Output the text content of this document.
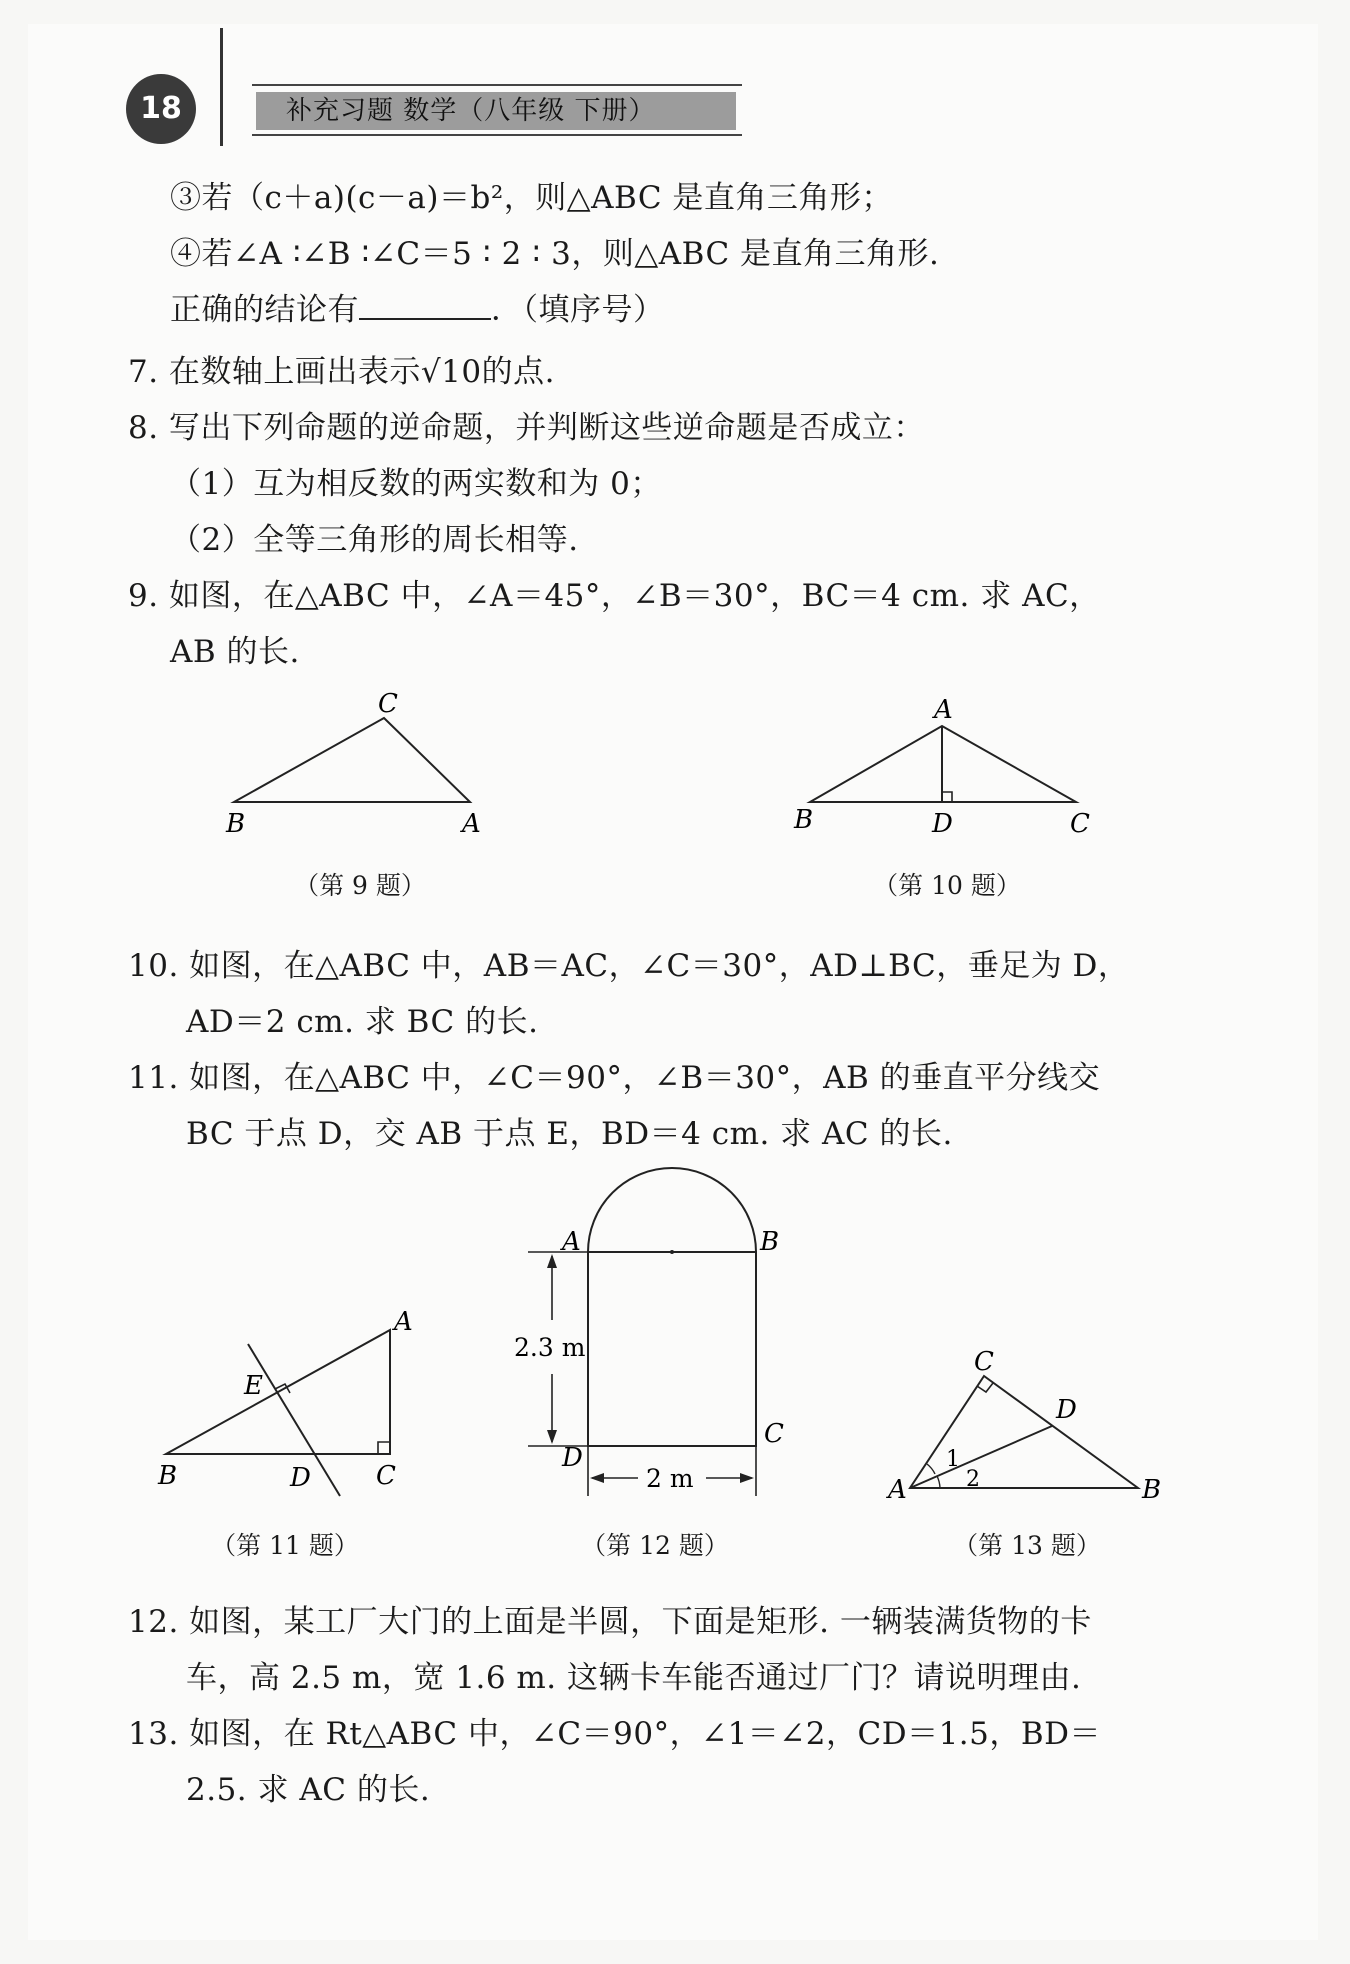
18	补充习题 数学（八年级 下册）
③若（c＋a)(c－a)＝b²，则△ABC 是直角三角形；
④若∠A ∶∠B ∶∠C＝5 ∶ 2 ∶ 3，则△ABC 是直角三角形.
正确的结论有	．（填序号）
7. 在数轴上画出表示√10的点.
8. 写出下列命题的逆命题，并判断这些逆命题是否成立：
（1）互为相反数的两实数和为 0；
（2）全等三角形的周长相等.
9. 如图，在△ABC 中，∠A＝45°，∠B＝30°，BC＝4 cm. 求 AC，
AB 的长.
C
B	A
（第 9 题）
A
B	D	C
（第 10 题）
10. 如图，在△ABC 中，AB＝AC，∠C＝30°，AD⊥BC，垂足为 D，
AD＝2 cm. 求 BC 的长.
11. 如图，在△ABC 中，∠C＝90°，∠B＝30°，AB 的垂直平分线交
BC 于点 D，交 AB 于点 E，BD＝4 cm. 求 AC 的长.
A
E
B	D	C
（第 11 题）
A	B
C
D
2.3 m
2 m
（第 12 题）
C
D
A	B
1
2
（第 13 题）
12. 如图，某工厂大门的上面是半圆，下面是矩形. 一辆装满货物的卡
车，高 2.5 m，宽 1.6 m. 这辆卡车能否通过厂门？请说明理由.
13. 如图，在 Rt△ABC 中，∠C＝90°，∠1＝∠2，CD＝1.5，BD＝
2.5. 求 AC 的长.
